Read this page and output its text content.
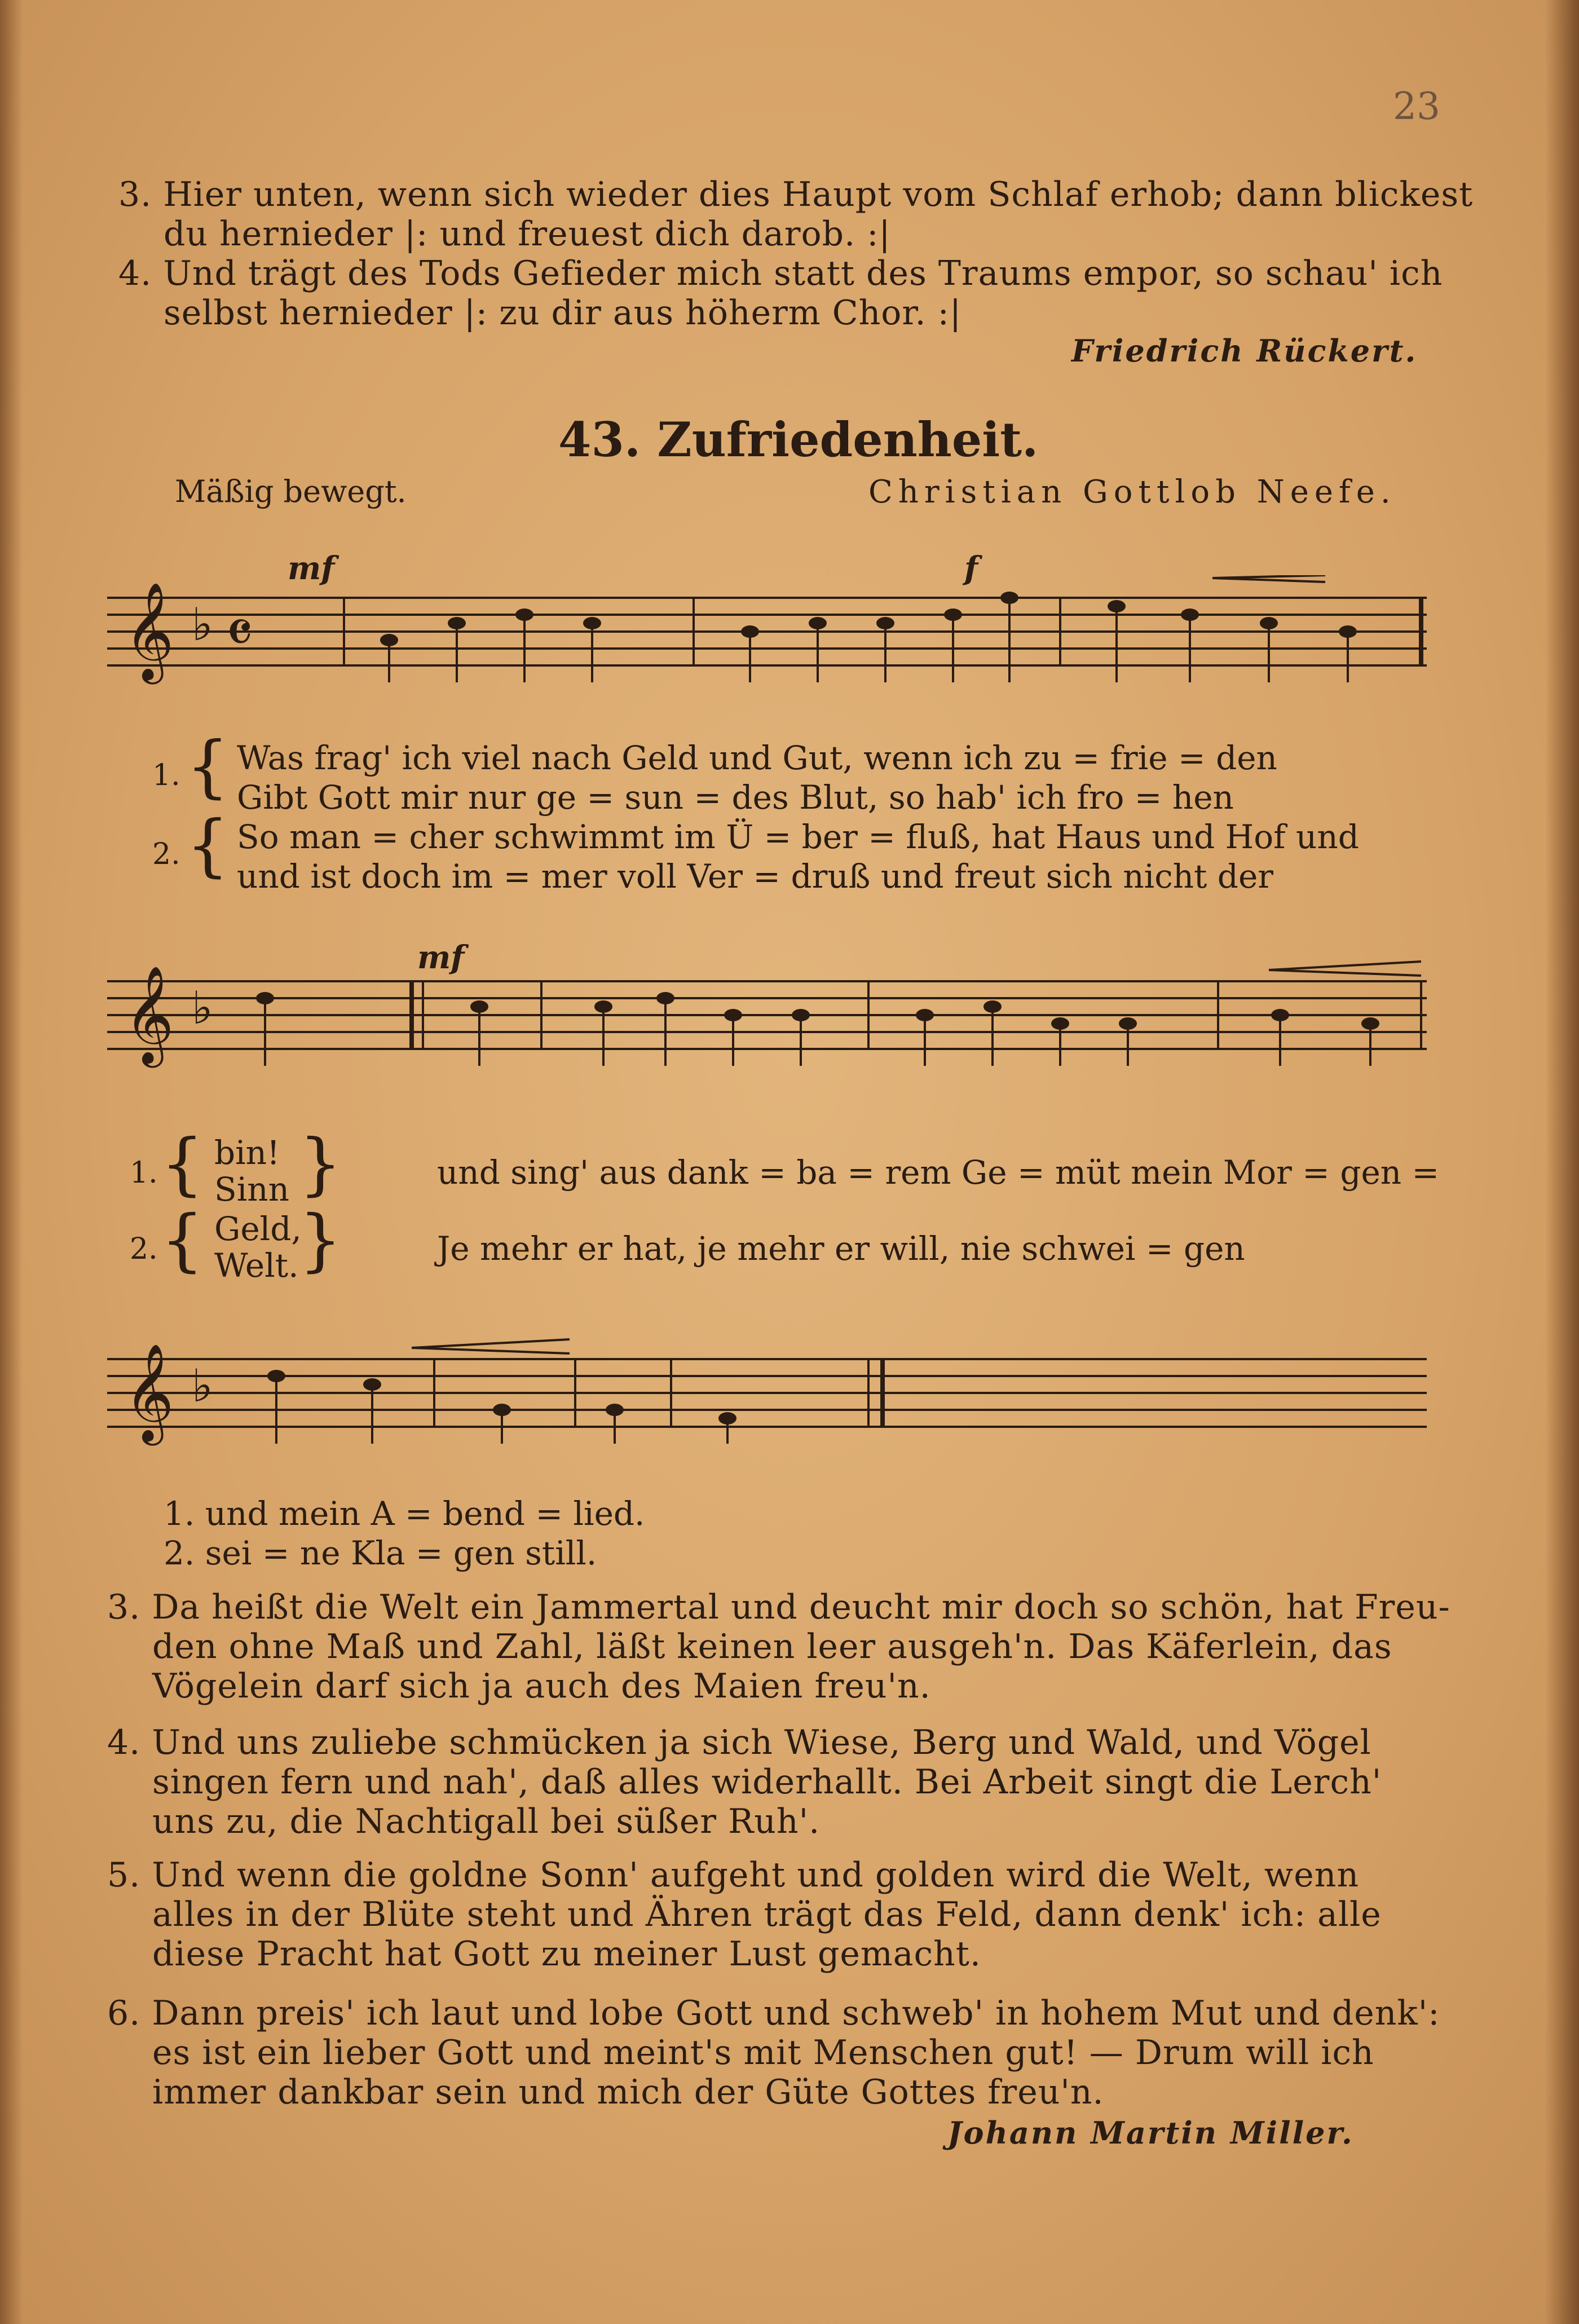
23
3. Hier unten, wenn sich wieder dies Haupt vom Schlaf erhob; dann blickest
du hernieder |: und freuest dich darob. :|
4. Und trägt des Tods Gefieder mich statt des Traums empor, so schau' ich
selbst hernieder |: zu dir aus höherm Chor. :|
Friedrich Rückert.
43. Zufriedenheit.
Mäßig bewegt.	Christian Gottlob Neefe.
mf	f
𝄞 ♭ 𝄴
1. { Was frag' ich viel nach Geld und Gut, wenn ich zu = frie = den
Gibt Gott mir nur ge = sun = des Blut, so hab' ich fro = hen
2. { So man = cher schwimmt im Ü = ber = fluß, hat Haus und Hof und
und ist doch im = mer voll Ver = druß und freut sich nicht der
mf
𝄞 ♭
1. { bin!
Sinn }	und sing' aus dank = ba = rem Ge = müt mein Mor = gen =
2. { Geld,
Welt. }	Je mehr er hat, je mehr er will, nie schwei = gen
𝄞 ♭
1. und mein A = bend = lied.
2. sei = ne Kla = gen still.
3. Da heißt die Welt ein Jammertal und deucht mir doch so schön, hat Freu-
den ohne Maß und Zahl, läßt keinen leer ausgeh'n. Das Käferlein, das
Vögelein darf sich ja auch des Maien freu'n.
4. Und uns zuliebe schmücken ja sich Wiese, Berg und Wald, und Vögel
singen fern und nah', daß alles widerhallt. Bei Arbeit singt die Lerch'
uns zu, die Nachtigall bei süßer Ruh'.
5. Und wenn die goldne Sonn' aufgeht und golden wird die Welt, wenn
alles in der Blüte steht und Ähren trägt das Feld, dann denk' ich: alle
diese Pracht hat Gott zu meiner Lust gemacht.
6. Dann preis' ich laut und lobe Gott und schweb' in hohem Mut und denk':
es ist ein lieber Gott und meint's mit Menschen gut! — Drum will ich
immer dankbar sein und mich der Güte Gottes freu'n.
Johann Martin Miller.
